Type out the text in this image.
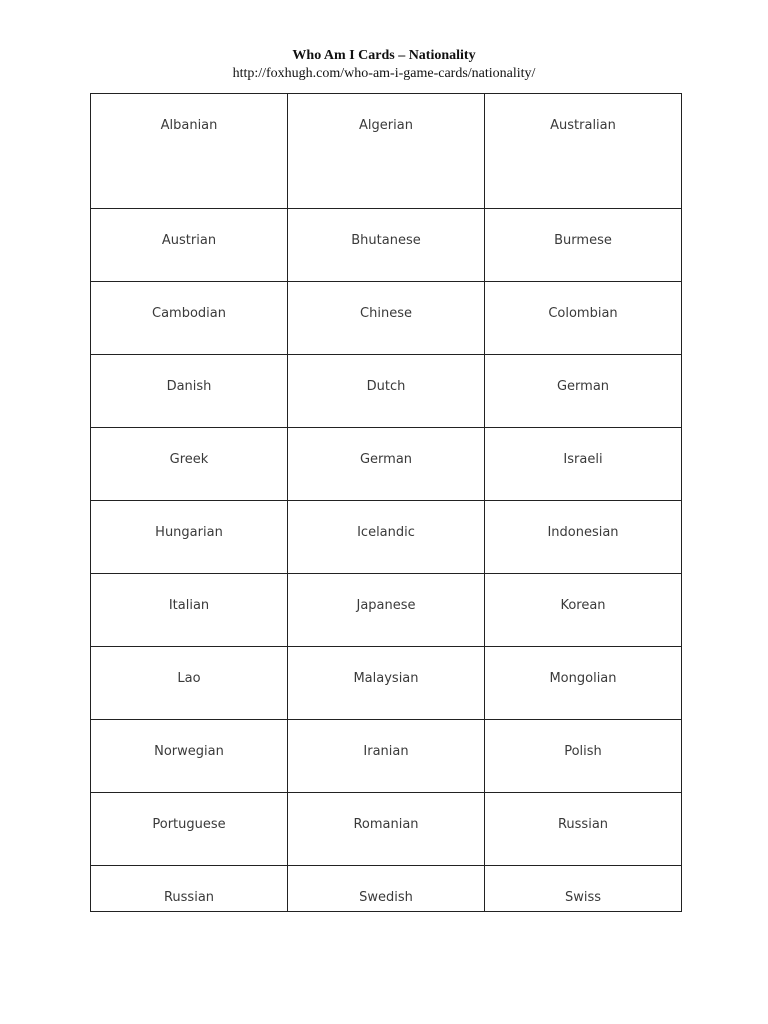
Who Am I Cards – Nationality
http://foxhugh.com/who-am-i-game-cards/nationality/
Albanian	Algerian	Australian

Austrian	Bhutanese	Burmese

Cambodian	Chinese	Colombian

Danish	Dutch	German

Greek	German	Israeli

Hungarian	Icelandic	Indonesian

Italian	Japanese	Korean

Lao	Malaysian	Mongolian

Norwegian	Iranian	Polish

Portuguese	Romanian	Russian

Russian	Swedish	Swiss
